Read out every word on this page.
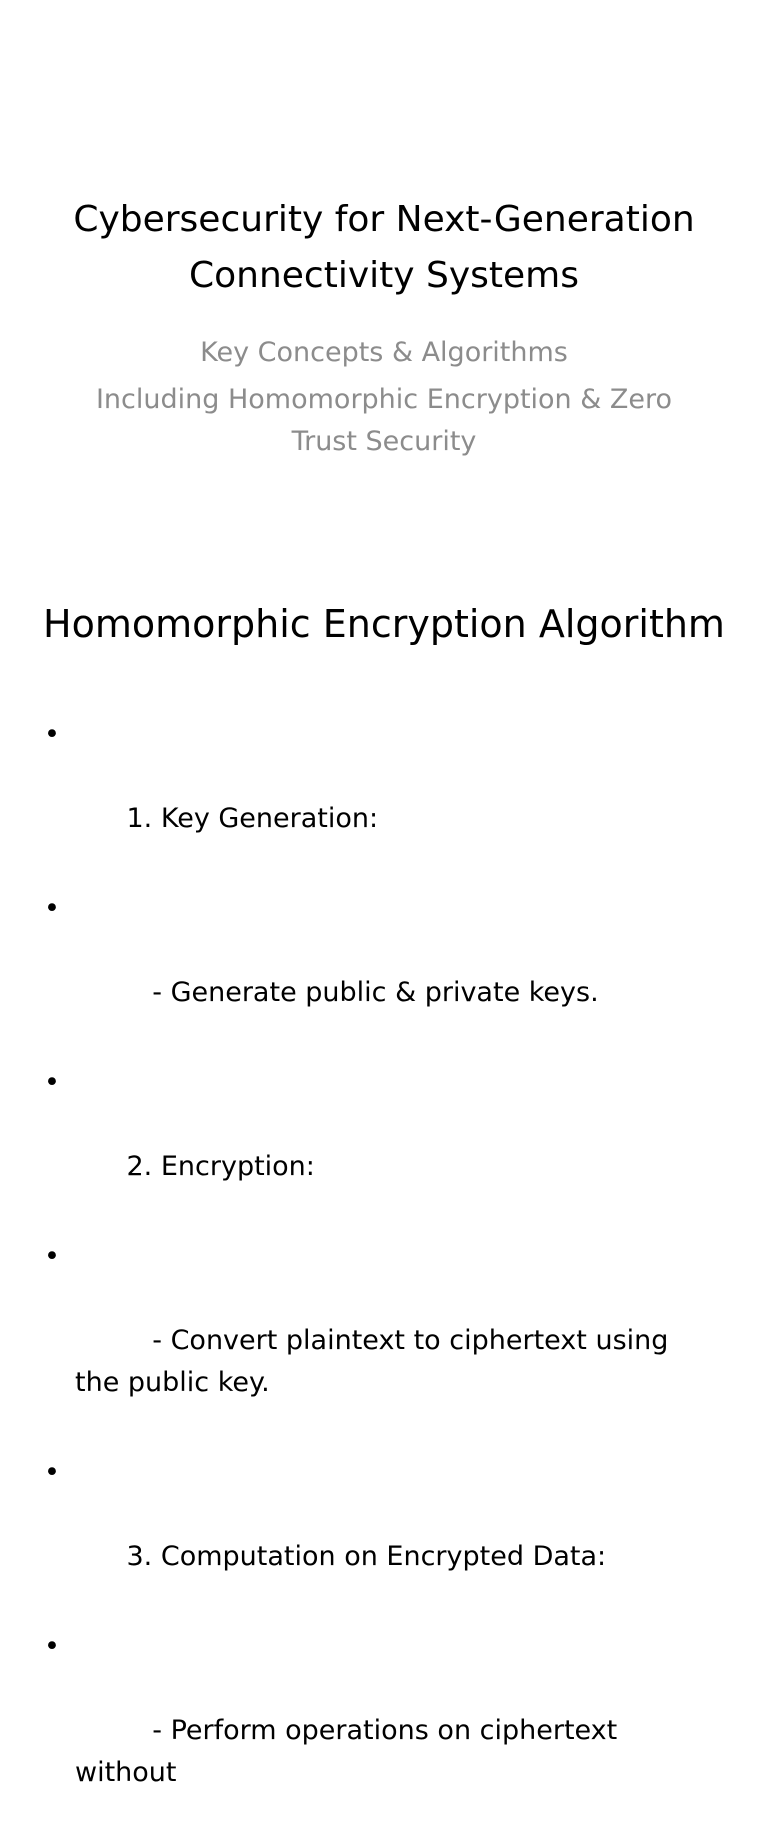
Cybersecurity for Next-Generation Connectivity Systems

Key Concepts & Algorithms

Including Homomorphic Encryption & Zero Trust Security

Homomorphic Encryption Algorithm

•

1. Key Generation:

•

- Generate public & private keys.

•

2. Encryption:

•

- Convert plaintext to ciphertext using the public key.

•

3. Computation on Encrypted Data:

•

- Perform operations on ciphertext without
